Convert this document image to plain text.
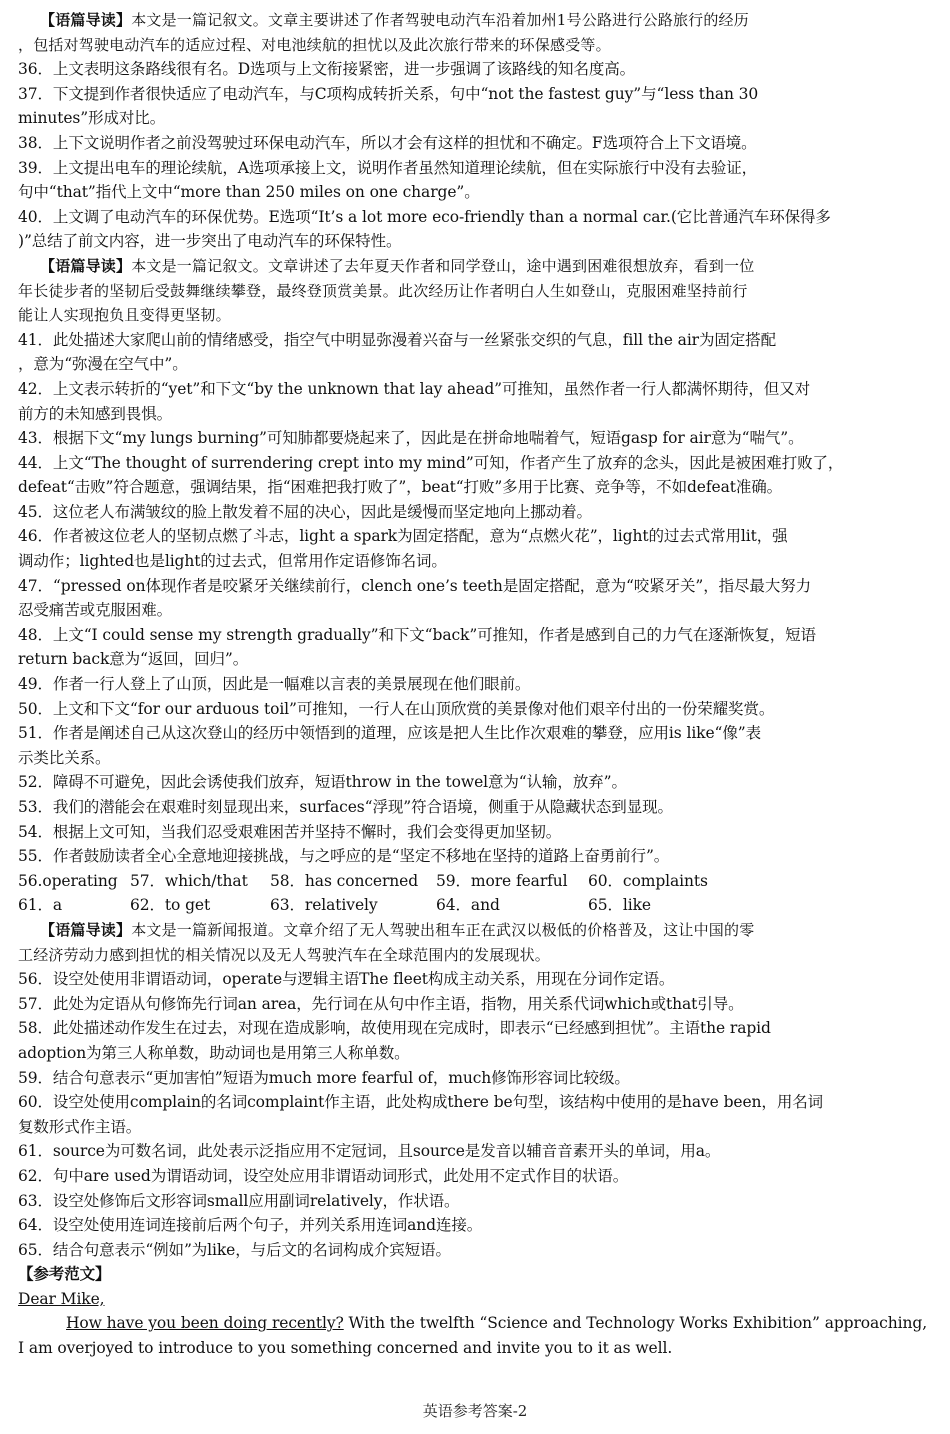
【语篇导读】本文是一篇记叙文。文章主要讲述了作者驾驶电动汽车沿着加州1号公路进行公路旅行的经历
，包括对驾驶电动汽车的适应过程、对电池续航的担忧以及此次旅行带来的环保感受等。
36．上文表明这条路线很有名。D选项与上文衔接紧密，进一步强调了该路线的知名度高。
37．下文提到作者很快适应了电动汽车，与C项构成转折关系，句中“not the fastest guy”与“less than 30
minutes”形成对比。
38．上下文说明作者之前没驾驶过环保电动汽车，所以才会有这样的担忧和不确定。F选项符合上下文语境。
39．上文提出电车的理论续航，A选项承接上文，说明作者虽然知道理论续航，但在实际旅行中没有去验证，
句中“that”指代上文中“more than 250 miles on one charge”。
40．上文调了电动汽车的环保优势。E选项“It’s a lot more eco-friendly than a normal car.(它比普通汽车环保得多
)”总结了前文内容，进一步突出了电动汽车的环保特性。
【语篇导读】本文是一篇记叙文。文章讲述了去年夏天作者和同学登山，途中遇到困难很想放弃，看到一位
年长徒步者的坚韧后受鼓舞继续攀登，最终登顶赏美景。此次经历让作者明白人生如登山，克服困难坚持前行
能让人实现抱负且变得更坚韧。
41．此处描述大家爬山前的情绪感受，指空气中明显弥漫着兴奋与一丝紧张交织的气息，fill the air为固定搭配
，意为“弥漫在空气中”。
42．上文表示转折的“yet”和下文“by the unknown that lay ahead”可推知，虽然作者一行人都满怀期待，但又对
前方的未知感到畏惧。
43．根据下文“my lungs burning”可知肺都要烧起来了，因此是在拼命地喘着气，短语gasp for air意为“喘气”。
44．上文“The thought of surrendering crept into my mind”可知，作者产生了放弃的念头，因此是被困难打败了，
defeat“击败”符合题意，强调结果，指“困难把我打败了”，beat“打败”多用于比赛、竞争等，不如defeat准确。
45．这位老人布满皱纹的脸上散发着不屈的决心，因此是缓慢而坚定地向上挪动着。
46．作者被这位老人的坚韧点燃了斗志，light a spark为固定搭配，意为“点燃火花”，light的过去式常用lit，强
调动作；lighted也是light的过去式，但常用作定语修饰名词。
47．“pressed on体现作者是咬紧牙关继续前行，clench one’s teeth是固定搭配，意为“咬紧牙关”，指尽最大努力
忍受痛苦或克服困难。
48．上文“I could sense my strength gradually”和下文“back”可推知，作者是感到自己的力气在逐渐恢复，短语
return back意为“返回，回归”。
49．作者一行人登上了山顶，因此是一幅难以言表的美景展现在他们眼前。
50．上文和下文“for our arduous toil”可推知，一行人在山顶欣赏的美景像对他们艰辛付出的一份荣耀奖赏。
51．作者是阐述自己从这次登山的经历中领悟到的道理，应该是把人生比作次艰难的攀登，应用is like“像”表
示类比关系。
52．障碍不可避免，因此会诱使我们放弃，短语throw in the towel意为“认输，放弃”。
53．我们的潜能会在艰难时刻显现出来，surfaces“浮现”符合语境，侧重于从隐藏状态到显现。
54．根据上文可知，当我们忍受艰难困苦并坚持不懈时，我们会变得更加坚韧。
55．作者鼓励读者全心全意地迎接挑战，与之呼应的是“坚定不移地在坚持的道路上奋勇前行”。
56.operating 57．which/that	58．has concerned	59．more fearful	60．complaints
61．a	62．to get	63．relatively	64．and	65．like
【语篇导读】本文是一篇新闻报道。文章介绍了无人驾驶出租车正在武汉以极低的价格普及，这让中国的零
工经济劳动力感到担忧的相关情况以及无人驾驶汽车在全球范围内的发展现状。
56．设空处使用非谓语动词，operate与逻辑主语The fleet构成主动关系，用现在分词作定语。
57．此处为定语从句修饰先行词an area，先行词在从句中作主语，指物，用关系代词which或that引导。
58．此处描述动作发生在过去，对现在造成影响，故使用现在完成时，即表示“已经感到担忧”。主语the rapid
adoption为第三人称单数，助动词也是用第三人称单数。
59．结合句意表示“更加害怕”短语为much more fearful of，much修饰形容词比较级。
60．设空处使用complain的名词complaint作主语，此处构成there be句型，该结构中使用的是have been，用名词
复数形式作主语。
61．source为可数名词，此处表示泛指应用不定冠词，且source是发音以辅音音素开头的单词，用a。
62．句中are used为谓语动词，设空处应用非谓语动词形式，此处用不定式作目的状语。
63．设空处修饰后文形容词small应用副词relatively，作状语。
64．设空处使用连词连接前后两个句子，并列关系用连词and连接。
65．结合句意表示“例如”为like，与后文的名词构成介宾短语。
【参考范文】
Dear Mike,
How have you been doing recently? With the twelfth “Science and Technology Works Exhibition” approaching,
I am overjoyed to introduce to you something concerned and invite you to it as well.
英语参考答案-2
